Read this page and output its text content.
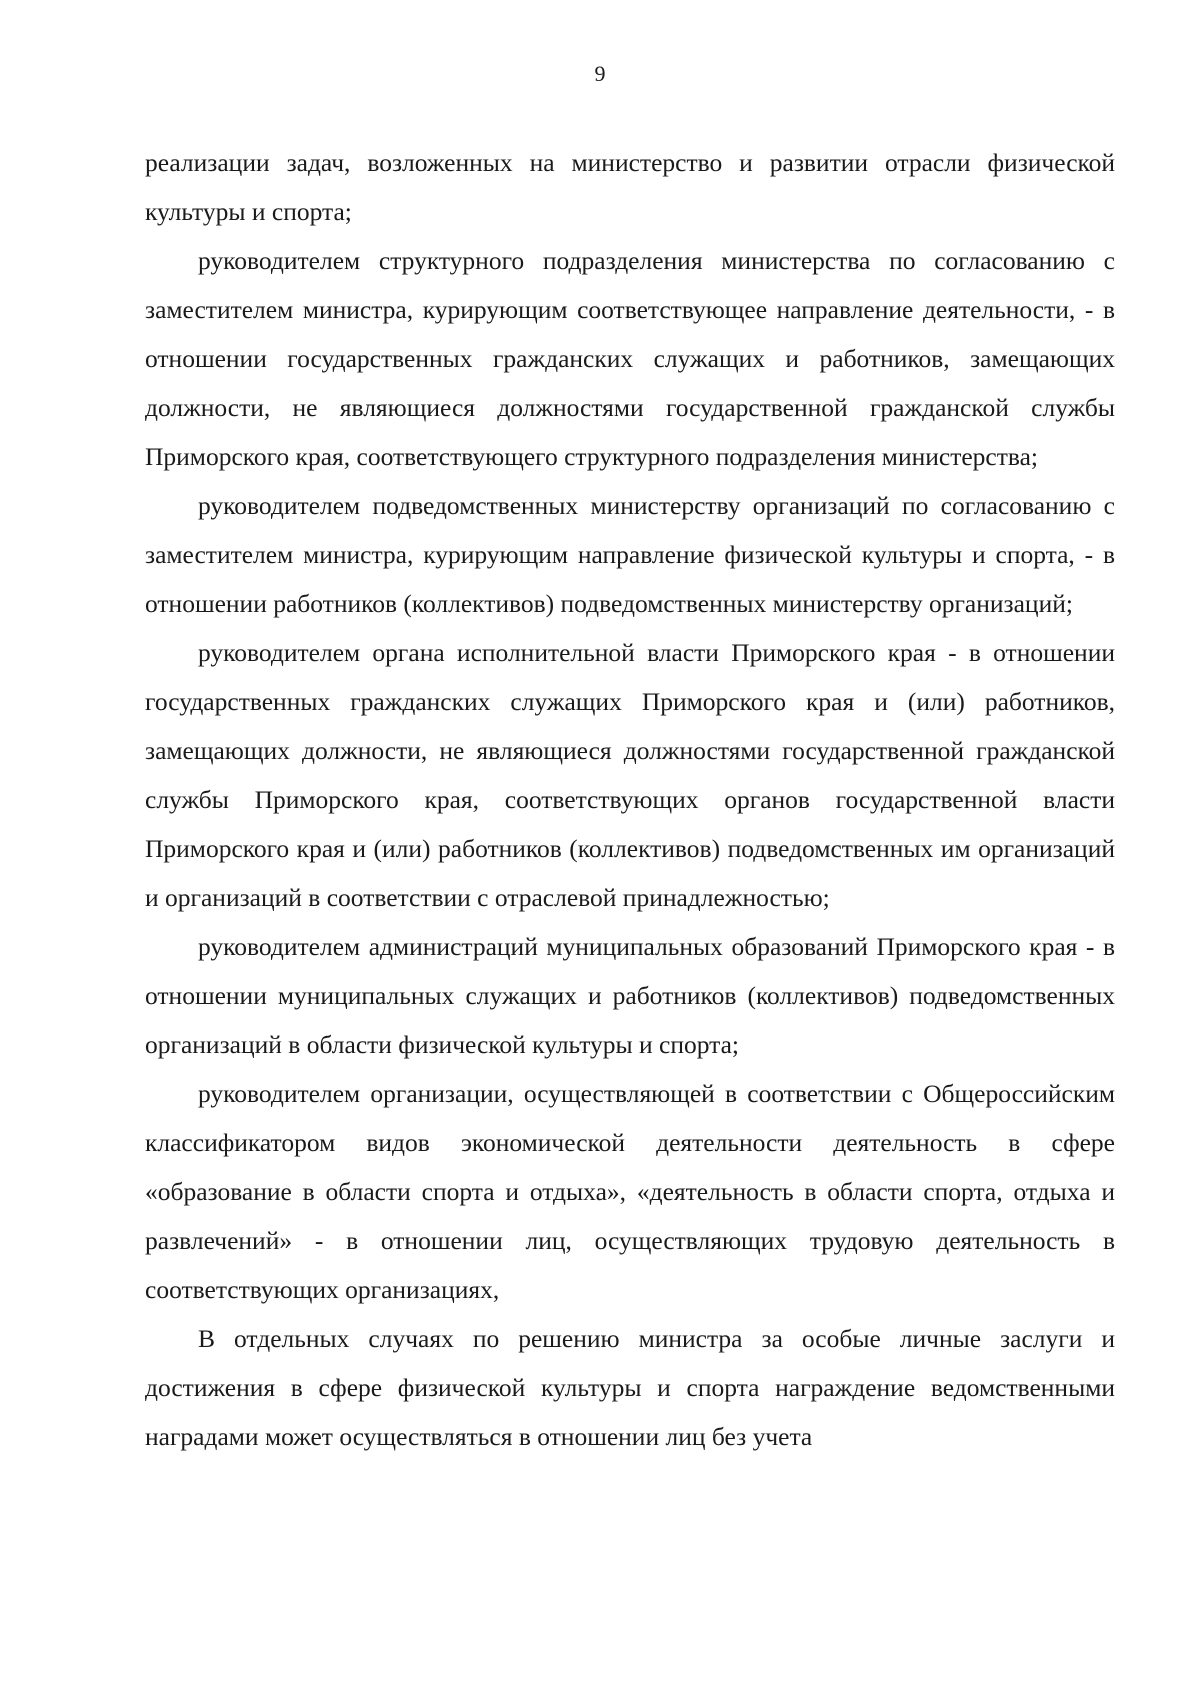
9

реализации задач, возложенных на министерство и развитии отрасли физической культуры и спорта;

руководителем структурного подразделения министерства по согласованию с заместителем министра, курирующим соответствующее направление деятельности, - в отношении государственных гражданских служащих и работников, замещающих должности, не являющиеся должностями государственной гражданской службы Приморского края, соответствующего структурного подразделения министерства;

руководителем подведомственных министерству организаций по согласованию с заместителем министра, курирующим направление физической культуры и спорта, - в отношении работников (коллективов) подведомственных министерству организаций;

руководителем органа исполнительной власти Приморского края - в отношении государственных гражданских служащих Приморского края и (или) работников, замещающих должности, не являющиеся должностями государственной гражданской службы Приморского края, соответствующих органов государственной власти Приморского края и (или) работников (коллективов) подведомственных им организаций и организаций в соответствии с отраслевой принадлежностью;

руководителем администраций муниципальных образований Приморского края - в отношении муниципальных служащих и работников (коллективов) подведомственных организаций в области физической культуры и спорта;

руководителем организации, осуществляющей в соответствии с Общероссийским классификатором видов экономической деятельности деятельность в сфере «образование в области спорта и отдыха», «деятельность в области спорта, отдыха и развлечений» - в отношении лиц, осуществляющих трудовую деятельность в соответствующих организациях,

В отдельных случаях по решению министра за особые личные заслуги и достижения в сфере физической культуры и спорта награждение ведомственными наградами может осуществляться в отношении лиц без учета
